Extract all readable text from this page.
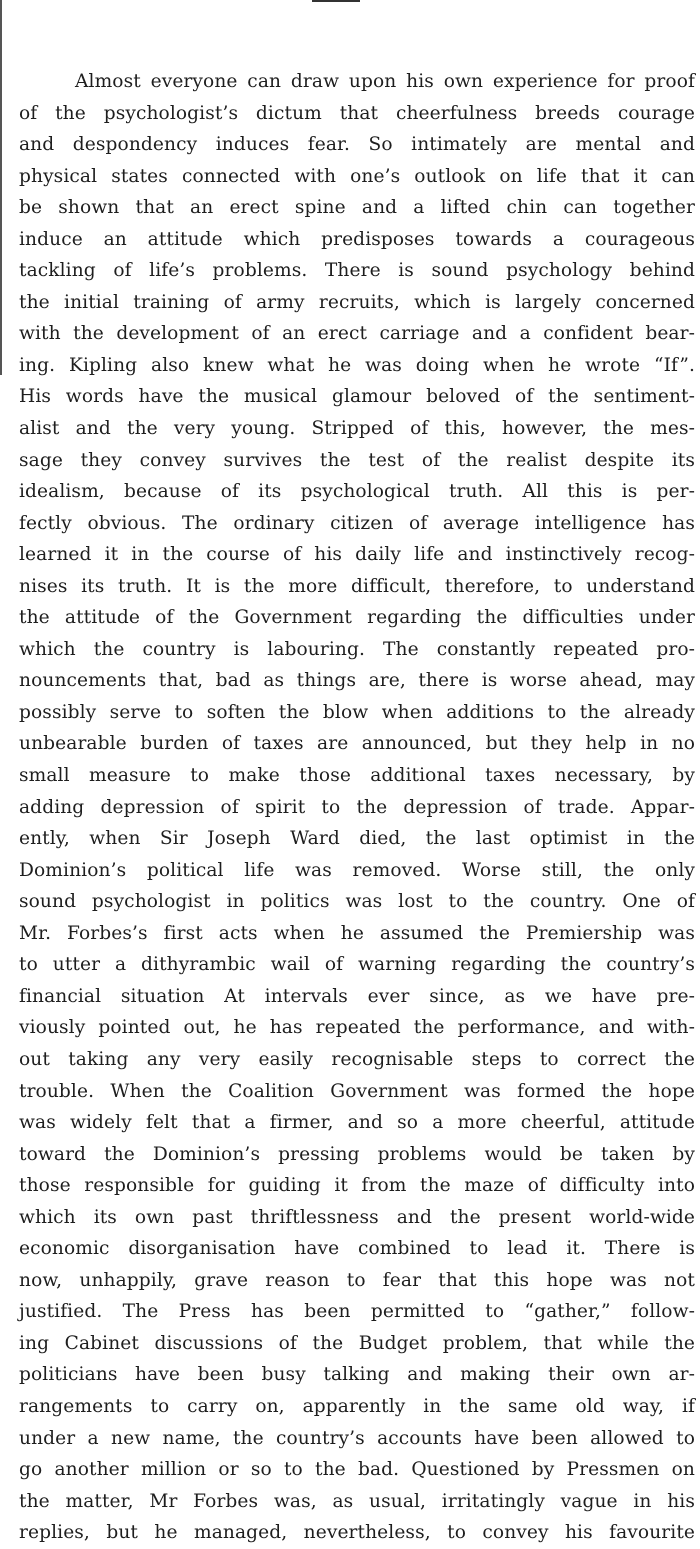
Almost everyone can draw upon his own experience for proof
of the psychologist’s dictum that cheerfulness breeds courage
and despondency induces fear. So intimately are mental and
physical states connected with one’s outlook on life that it can
be shown that an erect spine and a lifted chin can together
induce an attitude which predisposes towards a courageous
tackling of life’s problems. There is sound psychology behind
the initial training of army recruits, which is largely concerned
with the development of an erect carriage and a confident bear-
ing. Kipling also knew what he was doing when he wrote “If”.
His words have the musical glamour beloved of the sentiment-
alist and the very young. Stripped of this, however, the mes-
sage they convey survives the test of the realist despite its
idealism, because of its psychological truth. All this is per-
fectly obvious. The ordinary citizen of average intelligence has
learned it in the course of his daily life and instinctively recog-
nises its truth. It is the more difficult, therefore, to understand
the attitude of the Government regarding the difficulties under
which the country is labouring. The constantly repeated pro-
nouncements that, bad as things are, there is worse ahead, may
possibly serve to soften the blow when additions to the already
unbearable burden of taxes are announced, but they help in no
small measure to make those additional taxes necessary, by
adding depression of spirit to the depression of trade. Appar-
ently, when Sir Joseph Ward died, the last optimist in the
Dominion’s political life was removed. Worse still, the only
sound psychologist in politics was lost to the country. One of
Mr. Forbes’s first acts when he assumed the Premiership was
to utter a dithyrambic wail of warning regarding the country’s
financial situation At intervals ever since, as we have pre-
viously pointed out, he has repeated the performance, and with-
out taking any very easily recognisable steps to correct the
trouble. When the Coalition Government was formed the hope
was widely felt that a firmer, and so a more cheerful, attitude
toward the Dominion’s pressing problems would be taken by
those responsible for guiding it from the maze of difficulty into
which its own past thriftlessness and the present world-wide
economic disorganisation have combined to lead it. There is
now, unhappily, grave reason to fear that this hope was not
justified. The Press has been permitted to “gather,” follow-
ing Cabinet discussions of the Budget problem, that while the
politicians have been busy talking and making their own ar-
rangements to carry on, apparently in the same old way, if
under a new name, the country’s accounts have been allowed to
go another million or so to the bad. Questioned by Pressmen on
the matter, Mr Forbes was, as usual, irritatingly vague in his
replies, but he managed, nevertheless, to convey his favourite
